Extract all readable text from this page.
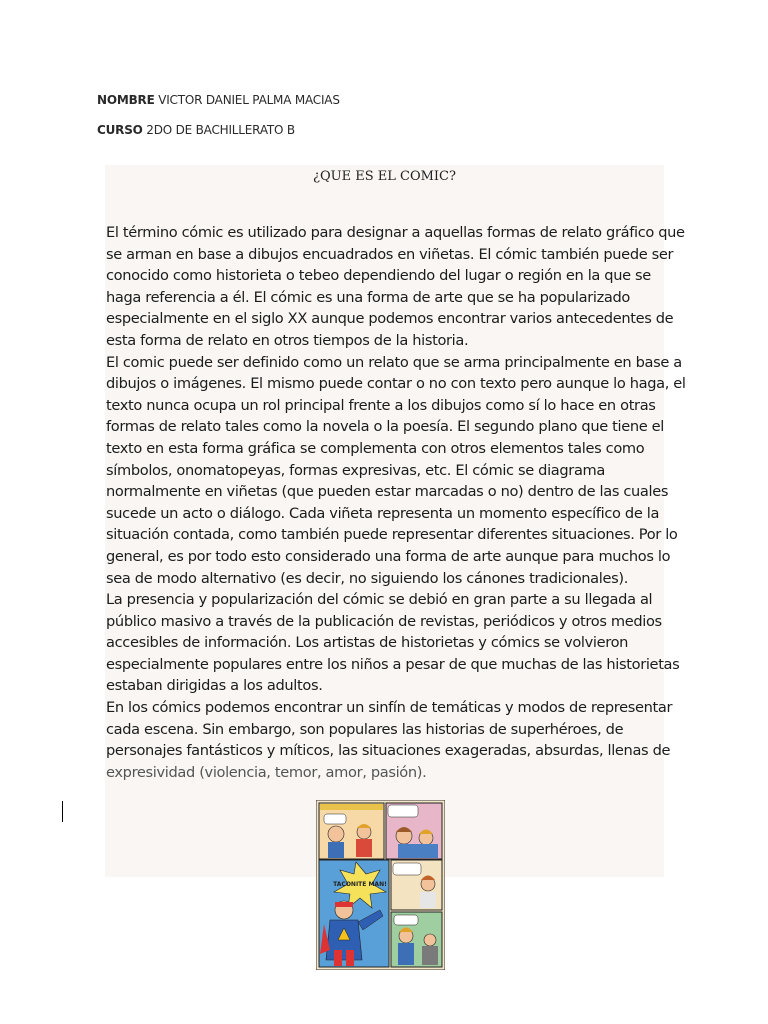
NOMBRE VICTOR DANIEL PALMA MACIAS
CURSO 2DO DE BACHILLERATO B
¿QUE ES EL COMIC?
El término cómic es utilizado para designar a aquellas formas de relato gráfico que
se arman en base a dibujos encuadrados en viñetas. El cómic también puede ser
conocido como historieta o tebeo dependiendo del lugar o región en la que se
haga referencia a él. El cómic es una forma de arte que se ha popularizado
especialmente en el siglo XX aunque podemos encontrar varios antecedentes de
esta forma de relato en otros tiempos de la historia.
El comic puede ser definido como un relato que se arma principalmente en base a
dibujos o imágenes. El mismo puede contar o no con texto pero aunque lo haga, el
texto nunca ocupa un rol principal frente a los dibujos como sí lo hace en otras
formas de relato tales como la novela o la poesía. El segundo plano que tiene el
texto en esta forma gráfica se complementa con otros elementos tales como
símbolos, onomatopeyas, formas expresivas, etc. El cómic se diagrama
normalmente en viñetas (que pueden estar marcadas o no) dentro de las cuales
sucede un acto o diálogo. Cada viñeta representa un momento específico de la
situación contada, como también puede representar diferentes situaciones. Por lo
general, es por todo esto considerado una forma de arte aunque para muchos lo
sea de modo alternativo (es decir, no siguiendo los cánones tradicionales).
La presencia y popularización del cómic se debió en gran parte a su llegada al
público masivo a través de la publicación de revistas, periódicos y otros medios
accesibles de información. Los artistas de historietas y cómics se volvieron
especialmente populares entre los niños a pesar de que muchas de las historietas
estaban dirigidas a los adultos.
En los cómics podemos encontrar un sinfín de temáticas y modos de representar
cada escena. Sin embargo, son populares las historias de superhéroes, de
personajes fantásticos y míticos, las situaciones exageradas, absurdas, llenas de
expresividad (violencia, temor, amor, pasión).
TACONITE MAN!
